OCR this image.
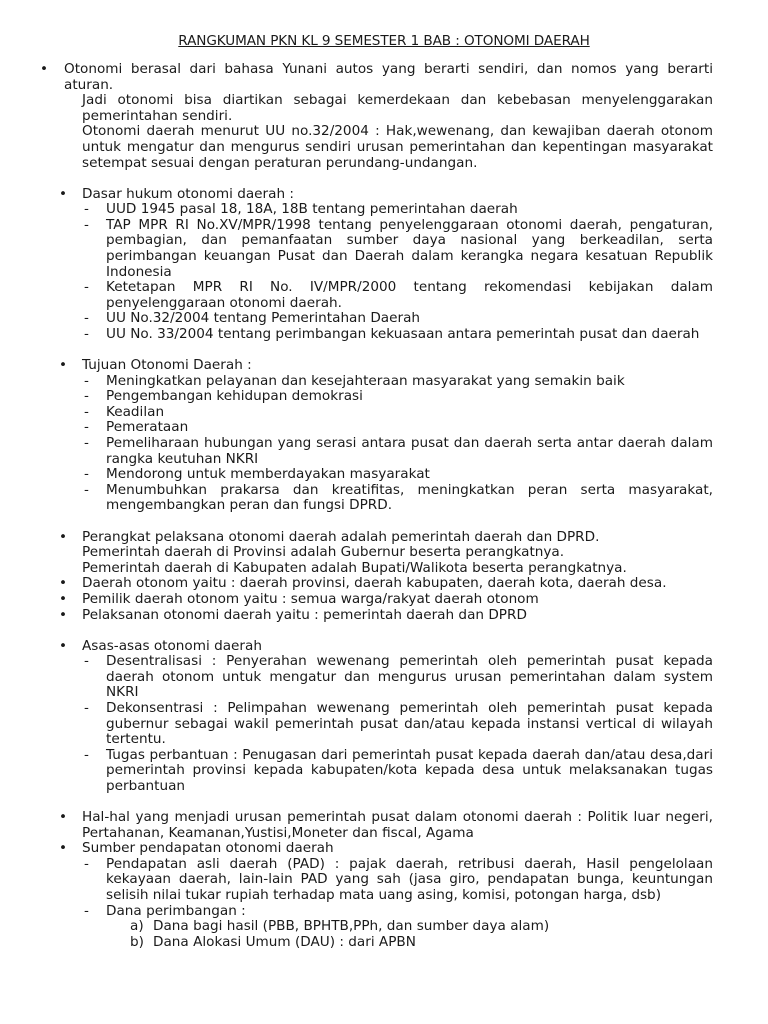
RANGKUMAN PKN KL 9 SEMESTER 1 BAB : OTONOMI DAERAH
• Otonomi berasal dari bahasa Yunani autos yang berarti sendiri, dan nomos yang berarti aturan.
Jadi otonomi bisa diartikan sebagai kemerdekaan dan kebebasan menyelenggarakan pemerintahan sendiri.
Otonomi daerah menurut UU no.32/2004 : Hak,wewenang, dan kewajiban daerah otonom untuk mengatur dan mengurus sendiri urusan pemerintahan dan kepentingan masyarakat setempat sesuai dengan peraturan perundang-undangan.
• Dasar hukum otonomi daerah :
- UUD 1945 pasal 18, 18A, 18B tentang pemerintahan daerah
- TAP MPR RI No.XV/MPR/1998 tentang penyelenggaraan otonomi daerah, pengaturan, pembagian, dan pemanfaatan sumber daya nasional yang berkeadilan, serta perimbangan keuangan Pusat dan Daerah dalam kerangka negara kesatuan Republik Indonesia
- Ketetapan MPR RI No. IV/MPR/2000 tentang rekomendasi kebijakan dalam penyelenggaraan otonomi daerah.
- UU No.32/2004 tentang Pemerintahan Daerah
- UU No. 33/2004 tentang perimbangan kekuasaan antara pemerintah pusat dan daerah
• Tujuan Otonomi Daerah :
- Meningkatkan pelayanan dan kesejahteraan masyarakat yang semakin baik
- Pengembangan kehidupan demokrasi
- Keadilan
- Pemerataan
- Pemeliharaan hubungan yang serasi antara pusat dan daerah serta antar daerah dalam rangka keutuhan NKRI
- Mendorong untuk memberdayakan masyarakat
- Menumbuhkan prakarsa dan kreatifitas, meningkatkan peran serta masyarakat, mengembangkan peran dan fungsi DPRD.
• Perangkat pelaksana otonomi daerah adalah pemerintah daerah dan DPRD.
Pemerintah daerah di Provinsi adalah Gubernur beserta perangkatnya.
Pemerintah daerah di Kabupaten adalah Bupati/Walikota beserta perangkatnya.
• Daerah otonom yaitu : daerah provinsi, daerah kabupaten, daerah kota, daerah desa.
• Pemilik daerah otonom yaitu : semua warga/rakyat daerah otonom
• Pelaksanan otonomi daerah yaitu : pemerintah daerah dan DPRD
• Asas-asas otonomi daerah
- Desentralisasi : Penyerahan wewenang pemerintah oleh pemerintah pusat kepada daerah otonom untuk mengatur dan mengurus urusan pemerintahan dalam system NKRI
- Dekonsentrasi : Pelimpahan wewenang pemerintah oleh pemerintah pusat kepada gubernur sebagai wakil pemerintah pusat dan/atau kepada instansi vertical di wilayah tertentu.
- Tugas perbantuan : Penugasan dari pemerintah pusat kepada daerah dan/atau desa,dari pemerintah provinsi kepada kabupaten/kota kepada desa untuk melaksanakan tugas perbantuan
• Hal-hal yang menjadi urusan pemerintah pusat dalam otonomi daerah : Politik luar negeri, Pertahanan, Keamanan,Yustisi,Moneter dan fiscal, Agama
• Sumber pendapatan otonomi daerah
- Pendapatan asli daerah (PAD) : pajak daerah, retribusi daerah, Hasil pengelolaan kekayaan daerah, lain-lain PAD yang sah (jasa giro, pendapatan bunga, keuntungan selisih nilai tukar rupiah terhadap mata uang asing, komisi, potongan harga, dsb)
- Dana perimbangan :
a) Dana bagi hasil (PBB, BPHTB,PPh, dan sumber daya alam)
b) Dana Alokasi Umum (DAU) : dari APBN
